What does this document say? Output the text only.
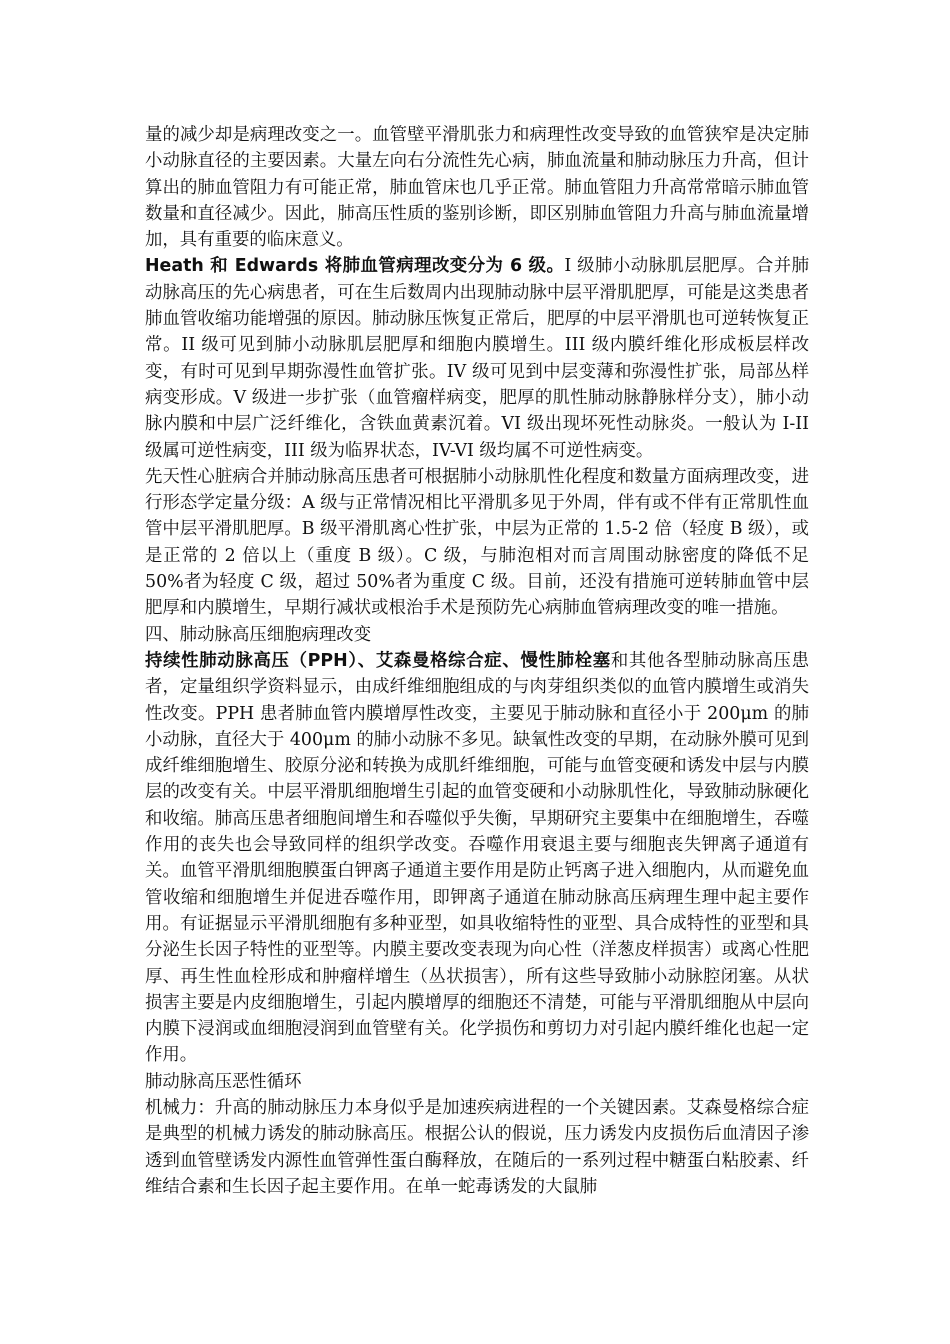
量的减少却是病理改变之一。血管壁平滑肌张力和病理性改变导致的血管狭窄是决定肺小动脉直径的主要因素。大量左向右分流性先心病，肺血流量和肺动脉压力升高，但计算出的肺血管阻力有可能正常，肺血管床也几乎正常。肺血管阻力升高常常暗示肺血管数量和直径减少。因此，肺高压性质的鉴别诊断，即区别肺血管阻力升高与肺血流量增加，具有重要的临床意义。

Heath 和 Edwards 将肺血管病理改变分为 6 级。I 级肺小动脉肌层肥厚。合并肺动脉高压的先心病患者，可在生后数周内出现肺动脉中层平滑肌肥厚，可能是这类患者肺血管收缩功能增强的原因。肺动脉压恢复正常后，肥厚的中层平滑肌也可逆转恢复正常。II 级可见到肺小动脉肌层肥厚和细胞内膜增生。III 级内膜纤维化形成板层样改变，有时可见到早期弥漫性血管扩张。IV 级可见到中层变薄和弥漫性扩张，局部丛样病变形成。V 级进一步扩张（血管瘤样病变，肥厚的肌性肺动脉静脉样分支），肺小动脉内膜和中层广泛纤维化，含铁血黄素沉着。VI 级出现坏死性动脉炎。一般认为 I-II 级属可逆性病变，III 级为临界状态，IV-VI 级均属不可逆性病变。

先天性心脏病合并肺动脉高压患者可根据肺小动脉肌性化程度和数量方面病理改变，进行形态学定量分级：A 级与正常情况相比平滑肌多见于外周，伴有或不伴有正常肌性血管中层平滑肌肥厚。B 级平滑肌离心性扩张，中层为正常的 1.5-2 倍（轻度 B 级），或是正常的 2 倍以上（重度 B 级）。C 级，与肺泡相对而言周围动脉密度的降低不足 50%者为轻度 C 级，超过 50%者为重度 C 级。目前，还没有措施可逆转肺血管中层肥厚和内膜增生，早期行减状或根治手术是预防先心病肺血管病理改变的唯一措施。

四、肺动脉高压细胞病理改变

持续性肺动脉高压（PPH）、艾森曼格综合症、慢性肺栓塞和其他各型肺动脉高压患者，定量组织学资料显示，由成纤维细胞组成的与肉芽组织类似的血管内膜增生或消失性改变。PPH 患者肺血管内膜增厚性改变，主要见于肺动脉和直径小于 200μm 的肺小动脉，直径大于 400μm 的肺小动脉不多见。缺氧性改变的早期，在动脉外膜可见到成纤维细胞增生、胶原分泌和转换为成肌纤维细胞，可能与血管变硬和诱发中层与内膜层的改变有关。中层平滑肌细胞增生引起的血管变硬和小动脉肌性化，导致肺动脉硬化和收缩。肺高压患者细胞间增生和吞噬似乎失衡，早期研究主要集中在细胞增生，吞噬作用的丧失也会导致同样的组织学改变。吞噬作用衰退主要与细胞丧失钾离子通道有关。血管平滑肌细胞膜蛋白钾离子通道主要作用是防止钙离子进入细胞内，从而避免血管收缩和细胞增生并促进吞噬作用，即钾离子通道在肺动脉高压病理生理中起主要作用。有证据显示平滑肌细胞有多种亚型，如具收缩特性的亚型、具合成特性的亚型和具分泌生长因子特性的亚型等。内膜主要改变表现为向心性（洋葱皮样损害）或离心性肥厚、再生性血栓形成和肿瘤样增生（丛状损害），所有这些导致肺小动脉腔闭塞。从状损害主要是内皮细胞增生，引起内膜增厚的细胞还不清楚，可能与平滑肌细胞从中层向内膜下浸润或血细胞浸润到血管壁有关。化学损伤和剪切力对引起内膜纤维化也起一定作用。

肺动脉高压恶性循环

机械力：升高的肺动脉压力本身似乎是加速疾病进程的一个关键因素。艾森曼格综合症是典型的机械力诱发的肺动脉高压。根据公认的假说，压力诱发内皮损伤后血清因子渗透到血管壁诱发内源性血管弹性蛋白酶释放，在随后的一系列过程中糖蛋白粘胶素、纤维结合素和生长因子起主要作用。在单一蛇毒诱发的大鼠肺
